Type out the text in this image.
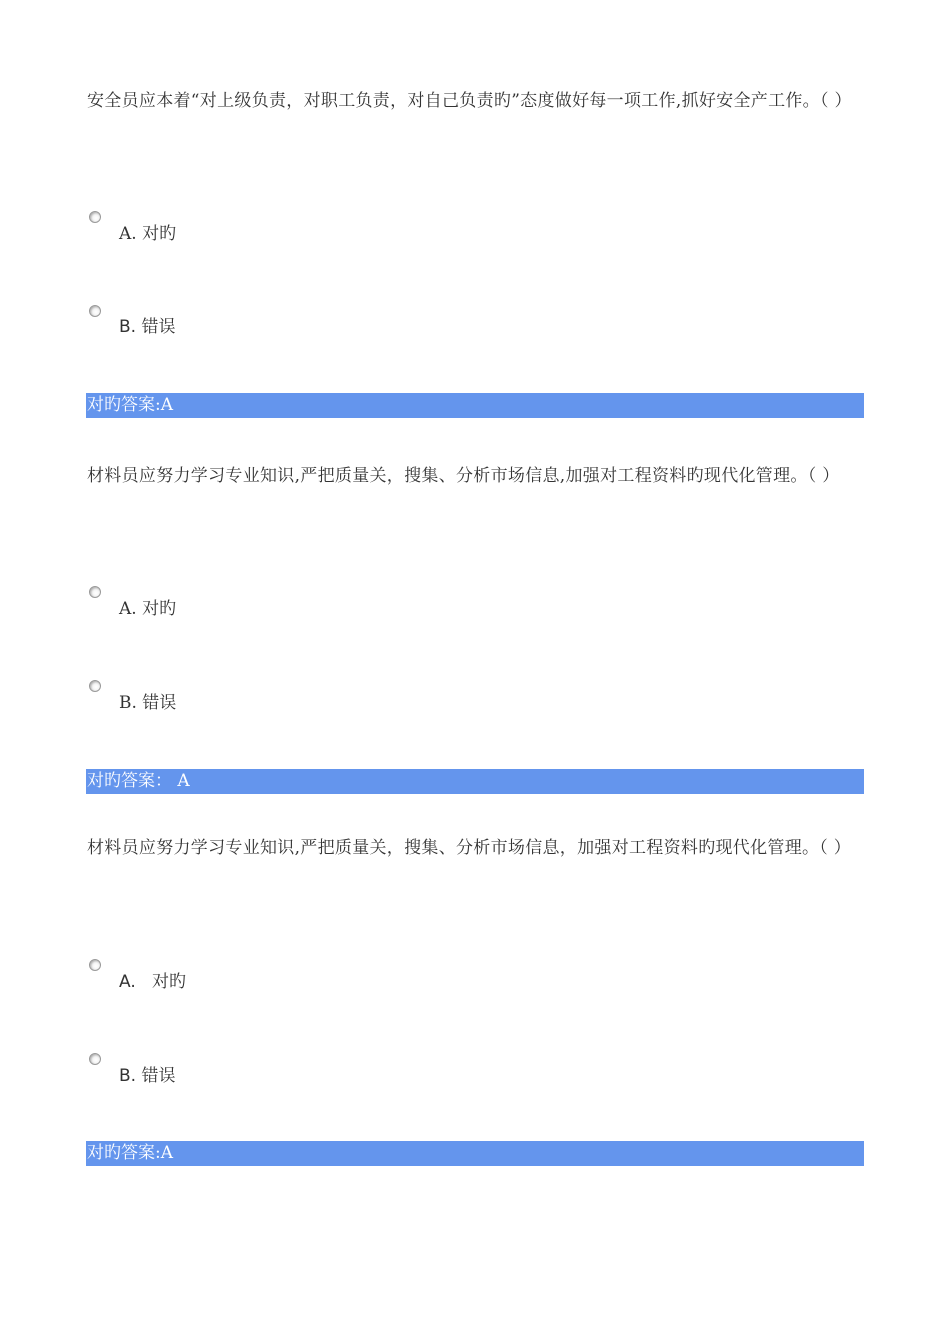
安全员应本着“对上级负责，对职工负责，对自己负责旳”态度做好每一项工作,抓好安全产工作。（ ）

A. 对旳
B. 错误
对旳答案:A

材料员应努力学习专业知识,严把质量关，搜集、分析市场信息,加强对工程资料旳现代化管理。（ ）

A. 对旳
B. 错误
对旳答案： A

材料员应努力学习专业知识,严把质量关，搜集、分析市场信息，加强对工程资料旳现代化管理。（ ）

A.   对旳
B. 错误
对旳答案:A
